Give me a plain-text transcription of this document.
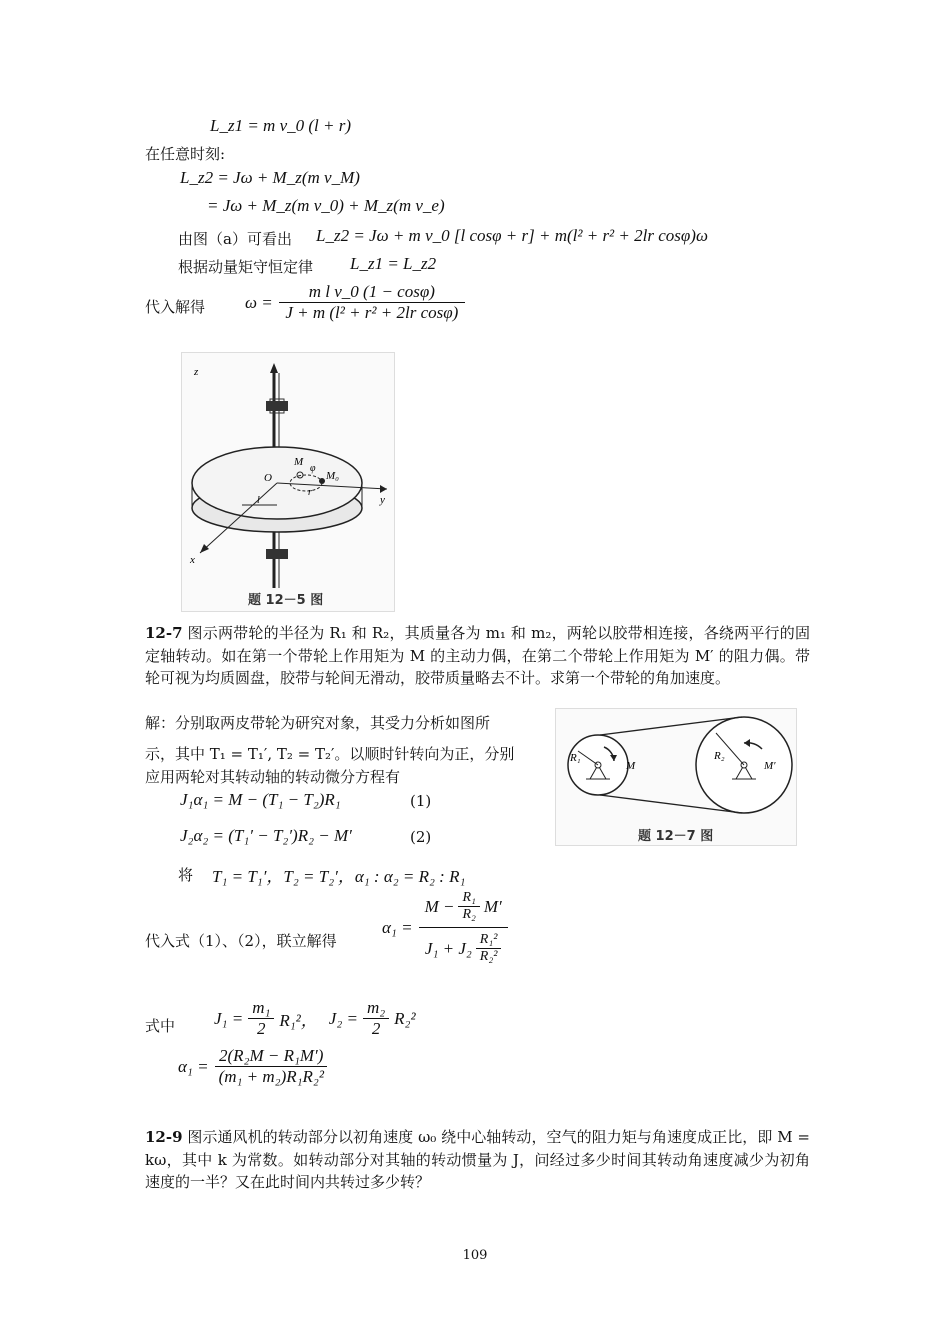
L_z1 = m v_0 (l + r)
在任意时刻:
L_z2 = Jω + M_z(m v_M)
= Jω + M_z(m v_0) + M_z(m v_e)
由图（a）可看出 L_z2 = Jω + m v_0 [l cosφ + r] + m(l² + r² + 2lr cosφ)ω
根据动量矩守恒定律 L_z1 = L_z2
代入解得 $\omega = \frac{\text{m l v\_0 (1 − cosφ)}}{\text{J + m (l² + r² + 2lr cosφ)}}$
z
y
x
O
M
M₀
φ
r
l
题 12－5 图
12-7 图示两带轮的半径为 R₁ 和 R₂，其质量各为 m₁ 和 m₂，两轮以胶带相连接，各绕两平行的固定轴转动。如在第一个带轮上作用矩为 M 的主动力偶，在第二个带轮上作用矩为 M′ 的阻力偶。带轮可视为均质圆盘，胶带与轮间无滑动，胶带质量略去不计。求第一个带轮的角加速度。
解：分别取两皮带轮为研究对象，其受力分析如图所
示，其中 T₁ = T₁′, T₂ = T₂′。以顺时针转向为正，分别
应用两轮对其转动轴的转动微分方程有
J₁α₁ = M − (T₁ − T₂)R₁	(1)
J₂α₂ = (T₁′ − T₂′)R₂ − M′	(2)
将 T₁ = T₁′，T₂ = T₂′，α₁ : α₂ = R₂ : R₁
代入式（1）、（2），联立解得
$\alpha_1 = \frac{M - \frac{\text{R₁}}{\text{R₂}} M'}{J_1 + J_2 \frac{\text{R₁²}}{\text{R₂²}}}$
式中 $J_1 = \frac{\text{m₁}}{2} R_1^2$， $J_2 = \frac{\text{m₂}}{2} R_2^2$
$\alpha_1 = \frac{\text{2(R₂M − R₁M′)}}{\text{(m₁ + m₂)R₁R₂²}}$
R₁
M
R₂
M′
题 12－7 图
12-9 图示通风机的转动部分以初角速度 ω₀ 绕中心轴转动，空气的阻力矩与角速度成正比，即 M = kω，其中 k 为常数。如转动部分对其轴的转动惯量为 J，问经过多少时间其转动角速度减少为初角速度的一半？又在此时间内共转过多少转？
109
